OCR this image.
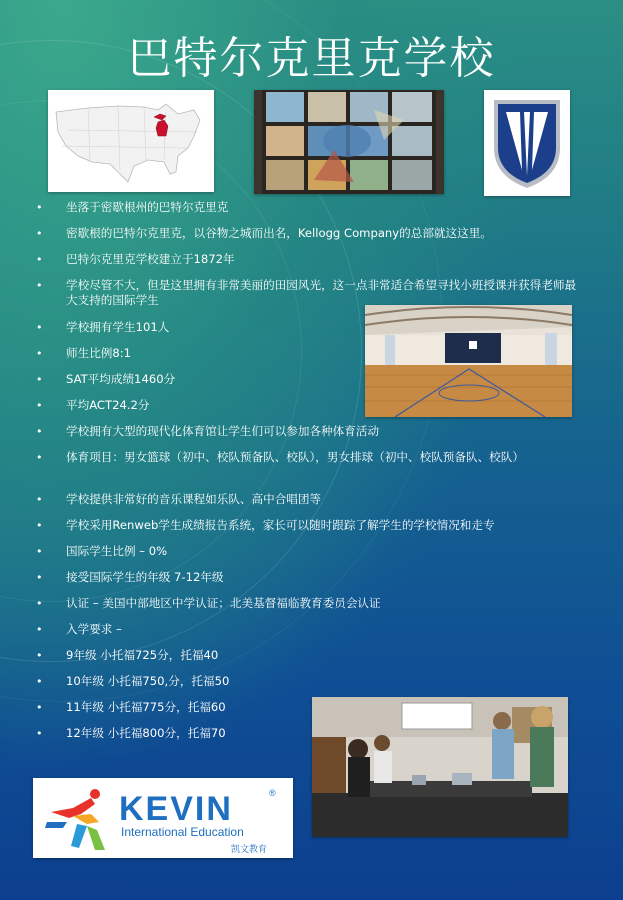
巴特尔克里克学校
KEVIN	®
International Education
凯文教育
• 坐落于密歇根州的巴特尔克里克
• 密歇根的巴特尔克里克，以谷物之城而出名，Kellogg Company的总部就这这里。
• 巴特尔克里克学校建立于1872年
• 学校尽管不大，但是这里拥有非常美丽的田园风光，这一点非常适合希望寻找小班授课并获得老师最大支持的国际学生
• 学校拥有学生101人
• 师生比例8:1
• SAT平均成绩1460分
• 平均ACT24.2分
• 学校拥有大型的现代化体育馆让学生们可以参加各种体育活动
• 体育项目：男女篮球（初中、校队预备队、校队），男女排球（初中、校队预备队、校队）
• 学校提供非常好的音乐课程如乐队、高中合唱团等
• 学校采用Renweb学生成绩报告系统，家长可以随时跟踪了解学生的学校情况和走专
• 国际学生比例 – 0%
• 接受国际学生的年级 7-12年级
• 认证 – 美国中部地区中学认证；北美基督福临教育委员会认证
• 入学要求 –
• 9年级 小托福725分，托福40
• 10年级 小托福750,分，托福50
• 11年级 小托福775分，托福60
• 12年级 小托福800分，托福70
